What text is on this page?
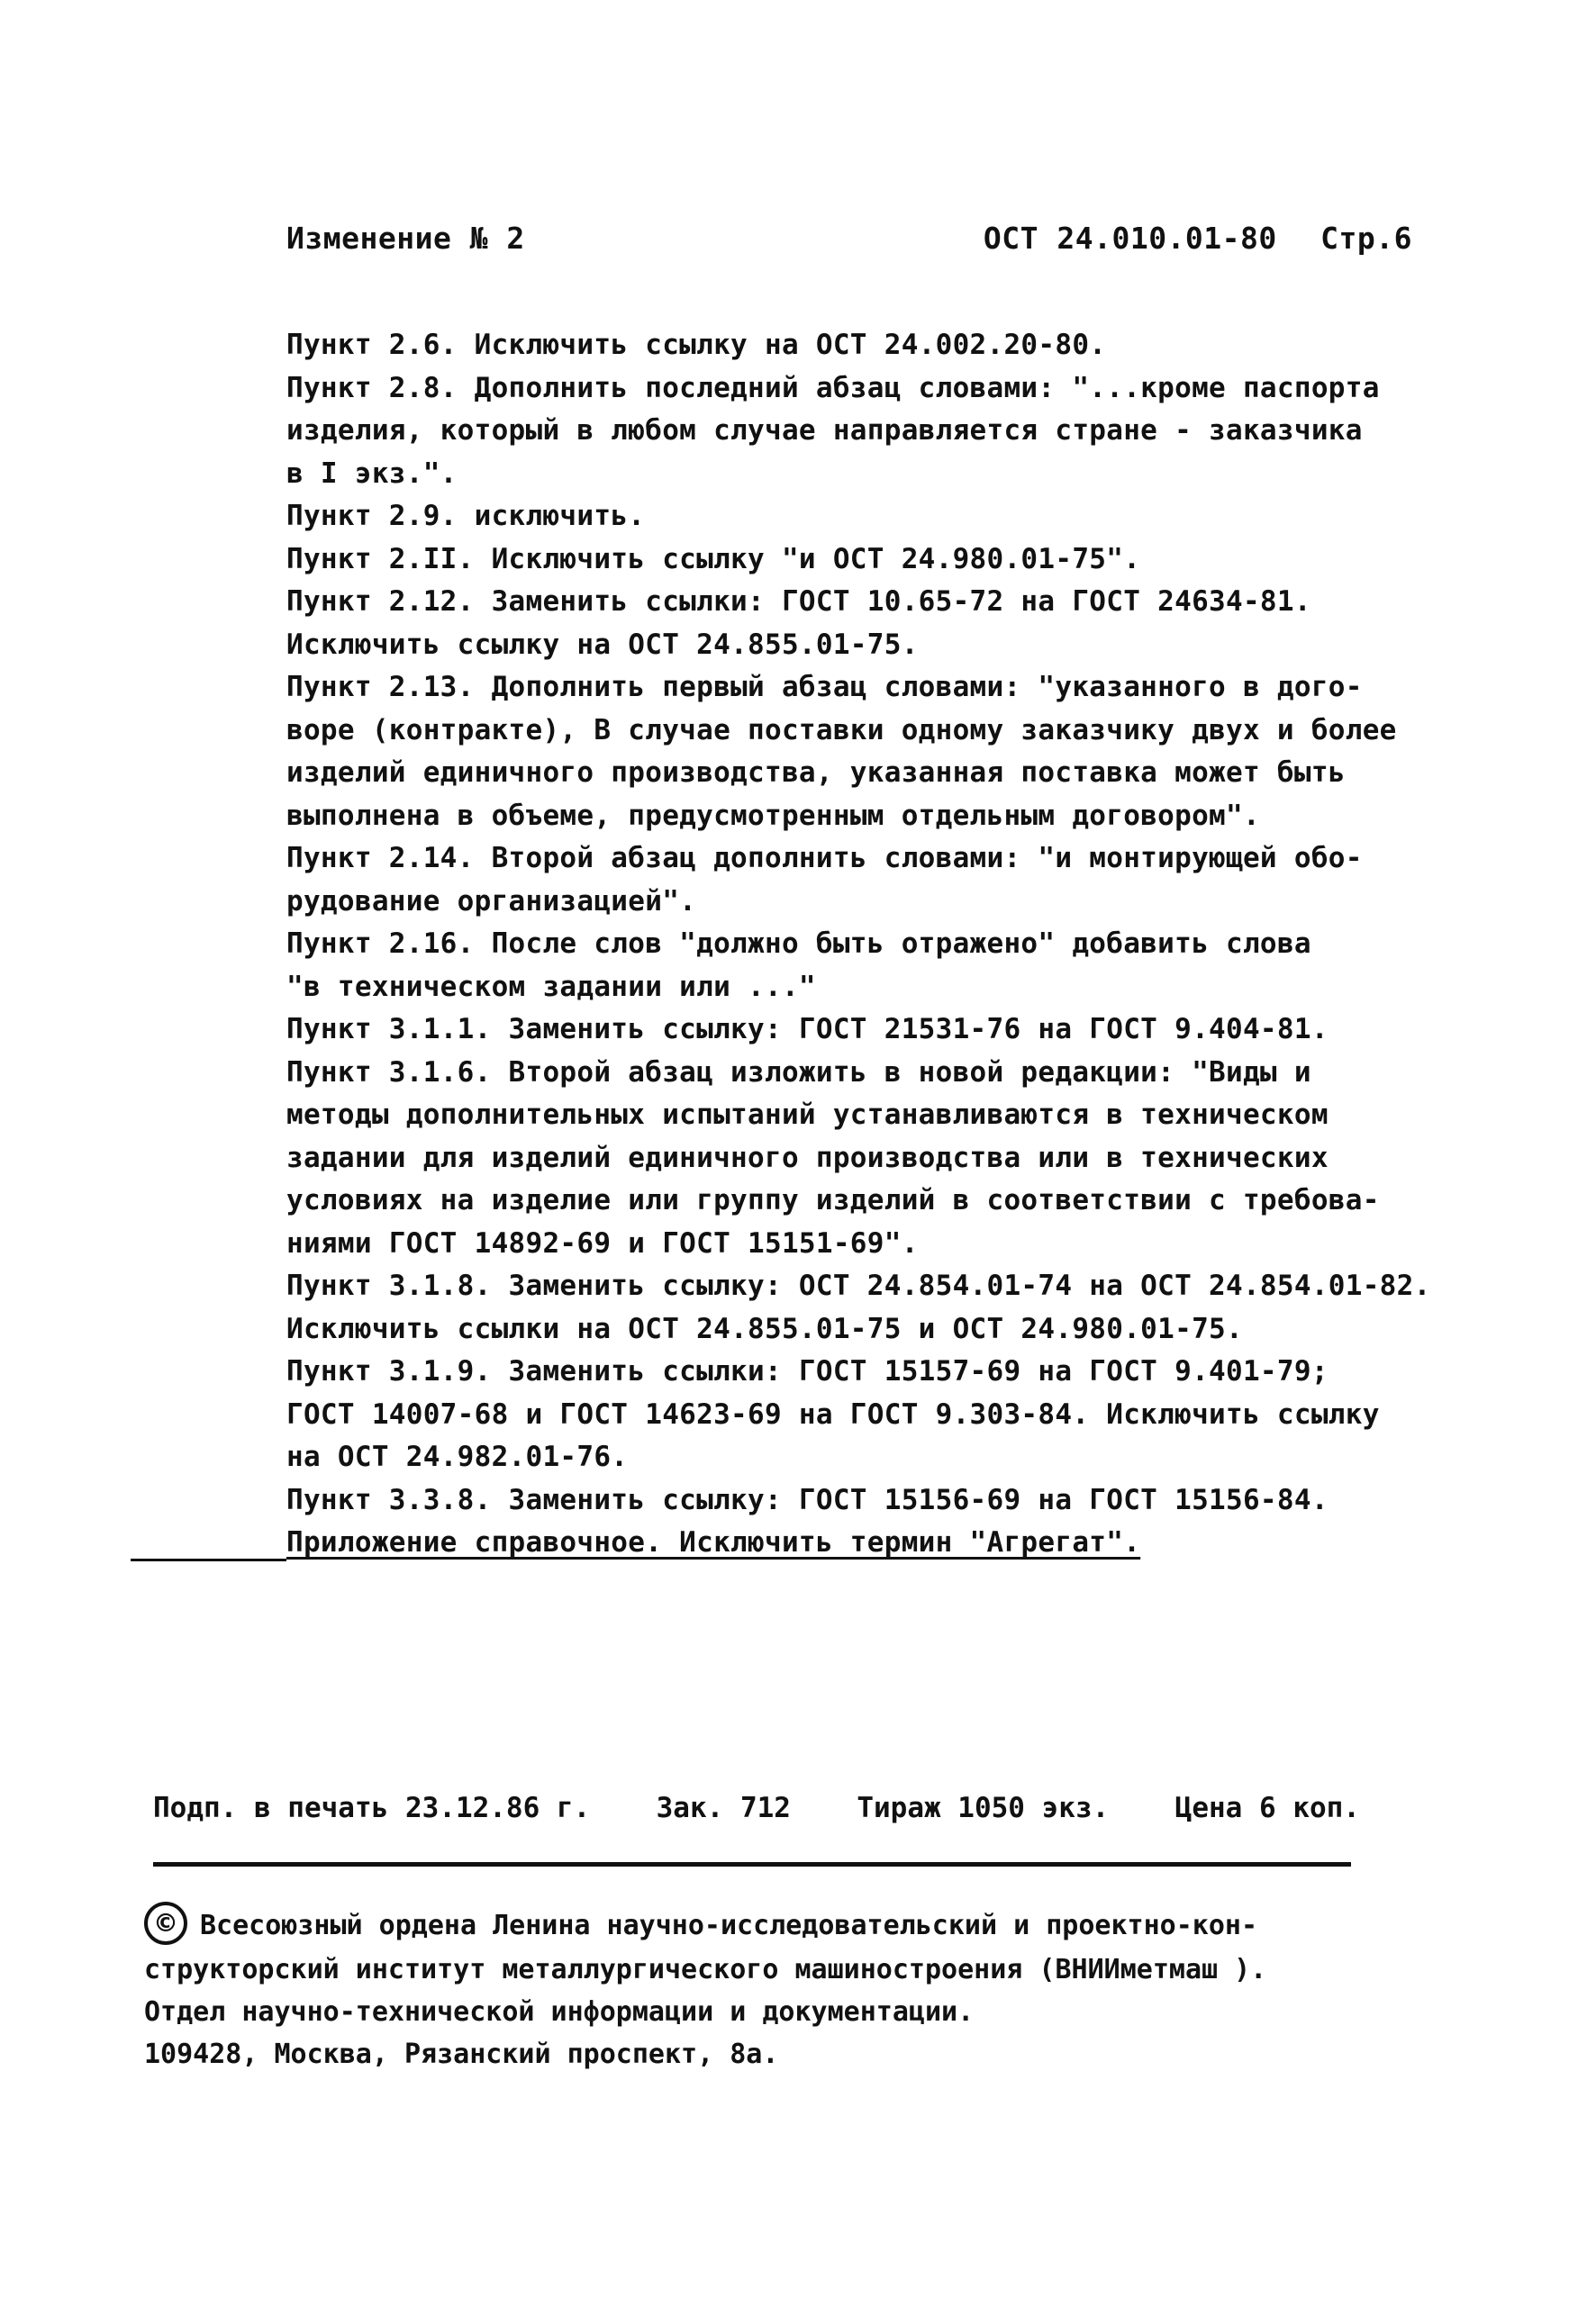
Изменение № 2	ОСТ 24.010.01-80 Стр.6
Пункт 2.6. Исключить ссылку на ОСТ 24.002.20-80.
Пункт 2.8. Дополнить последний абзац словами: "...кроме паспорта
изделия, который в любом случае направляется стране - заказчика
в I экз.".
Пункт 2.9. исключить.
Пункт 2.II. Исключить ссылку "и ОСТ 24.980.01-75".
Пункт 2.12. Заменить ссылки: ГОСТ 10.65-72 на ГОСТ 24634-81.
Исключить ссылку на ОСТ 24.855.01-75.
Пункт 2.13. Дополнить первый абзац словами: "указанного в дого-
воре (контракте), В случае поставки одному заказчику двух и более
изделий единичного производства, указанная поставка может быть
выполнена в объеме, предусмотренным отдельным договором".
Пункт 2.14. Второй абзац дополнить словами: "и монтирующей обо-
рудование организацией".
Пункт 2.16. После слов "должно быть отражено" добавить слова
"в техническом задании или ..."
Пункт 3.1.1. Заменить ссылку: ГОСТ 21531-76 на ГОСТ 9.404-81.
Пункт 3.1.6. Второй абзац изложить в новой редакции: "Виды и
методы дополнительных испытаний устанавливаются в техническом
задании для изделий единичного производства или в технических
условиях на изделие или группу изделий в соответствии с требова-
ниями ГОСТ 14892-69 и ГОСТ 15151-69".
Пункт 3.1.8. Заменить ссылку: ОСТ 24.854.01-74 на ОСТ 24.854.01-82.
Исключить ссылки на ОСТ 24.855.01-75 и ОСТ 24.980.01-75.
Пункт 3.1.9. Заменить ссылки: ГОСТ 15157-69 на ГОСТ 9.401-79;
ГОСТ 14007-68 и ГОСТ 14623-69 на ГОСТ 9.303-84. Исключить ссылку
на ОСТ 24.982.01-76.
Пункт 3.3.8. Заменить ссылку: ГОСТ 15156-69 на ГОСТ 15156-84.
Приложение справочное. Исключить термин "Агрегат".
Подп. в печать 23.12.86 г. Зак. 712 Тираж 1050 экз. Цена 6 коп.
© Всесоюзный ордена Ленина научно-исследовательский и проектно-кон-
структорский институт металлургического машиностроения (ВНИИметмаш ).
Отдел научно-технической информации и документации.
109428, Москва, Рязанский проспект, 8а.
